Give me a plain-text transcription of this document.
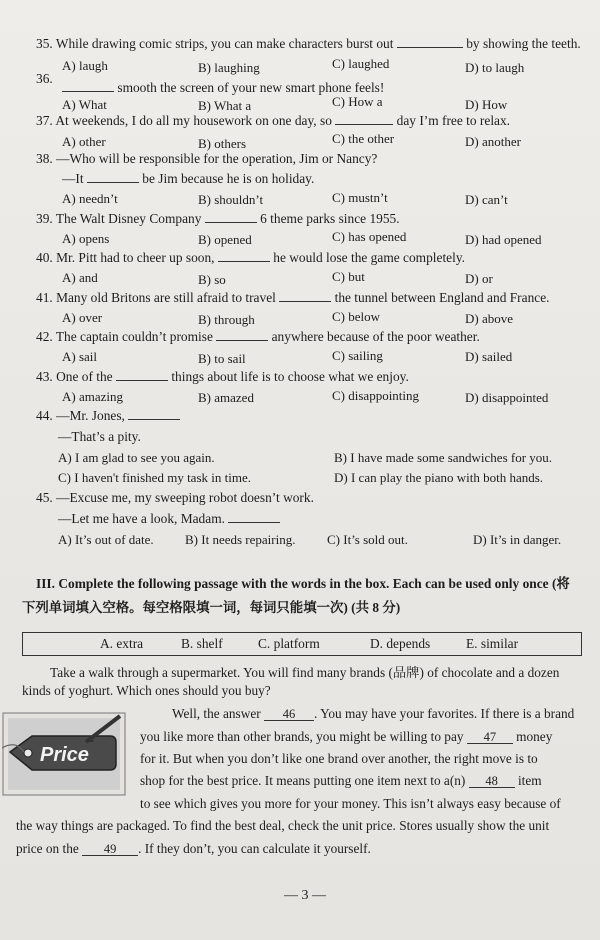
35. While drawing comic strips, you can make characters burst out	by showing the teeth.
A) laugh	B) laughing	C) laughed	D) to laugh
36.
smooth the screen of your new smart phone feels!
A) What	B) What a	C) How a	D) How
37. At weekends, I do all my housework on one day, so	day I’m free to relax.
A) other	B) others	C) the other	D) another
38. —Who will be responsible for the operation, Jim or Nancy?
—It	be Jim because he is on holiday.
A) needn’t	B) shouldn’t	C) mustn’t	D) can’t
39. The Walt Disney Company	6 theme parks since 1955.
A) opens	B) opened	C) has opened	D) had opened
40. Mr. Pitt had to cheer up soon,	he would lose the game completely.
A) and	B) so	C) but	D) or
41. Many old Britons are still afraid to travel	the tunnel between England and France.
A) over	B) through	C) below	D) above
42. The captain couldn’t promise	anywhere because of the poor weather.
A) sail	B) to sail	C) sailing	D) sailed
43. One of the	things about life is to choose what we enjoy.
A) amazing	B) amazed	C) disappointing	D) disappointed
44. —Mr. Jones,
—That’s a pity.
A) I am glad to see you again.	B) I have made some sandwiches for you.
C) I haven't finished my task in time.	D) I can play the piano with both hands.
45. —Excuse me, my sweeping robot doesn’t work.
—Let me have a look, Madam.
A) It’s out of date. B) It needs repairing. C) It’s sold out.	D) It’s in danger.
III. Complete the following passage with the words in the box. Each can be used only once (将
下列单词填入空格。每空格限填一词，每词只能填一次) (共 8 分)
A. extra	B. shelf	C. platform	D. depends	E. similar
Take a walk through a supermarket. You will find many brands (品牌) of chocolate and a dozen
kinds of yoghurt. Which ones should you buy?
Well, the answer 46 . You may have your favorites. If there is a brand
you like more than other brands, you might be willing to pay 47 money
for it. But when you don’t like one brand over another, the right move is to
shop for the best price. It means putting one item next to a(n) 48 item
to see which gives you more for your money. This isn’t always easy because of
the way things are packaged. To find the best deal, check the unit price. Stores usually show the unit
price on the 49 . If they don’t, you can calculate it yourself.
Price
— 3 —
